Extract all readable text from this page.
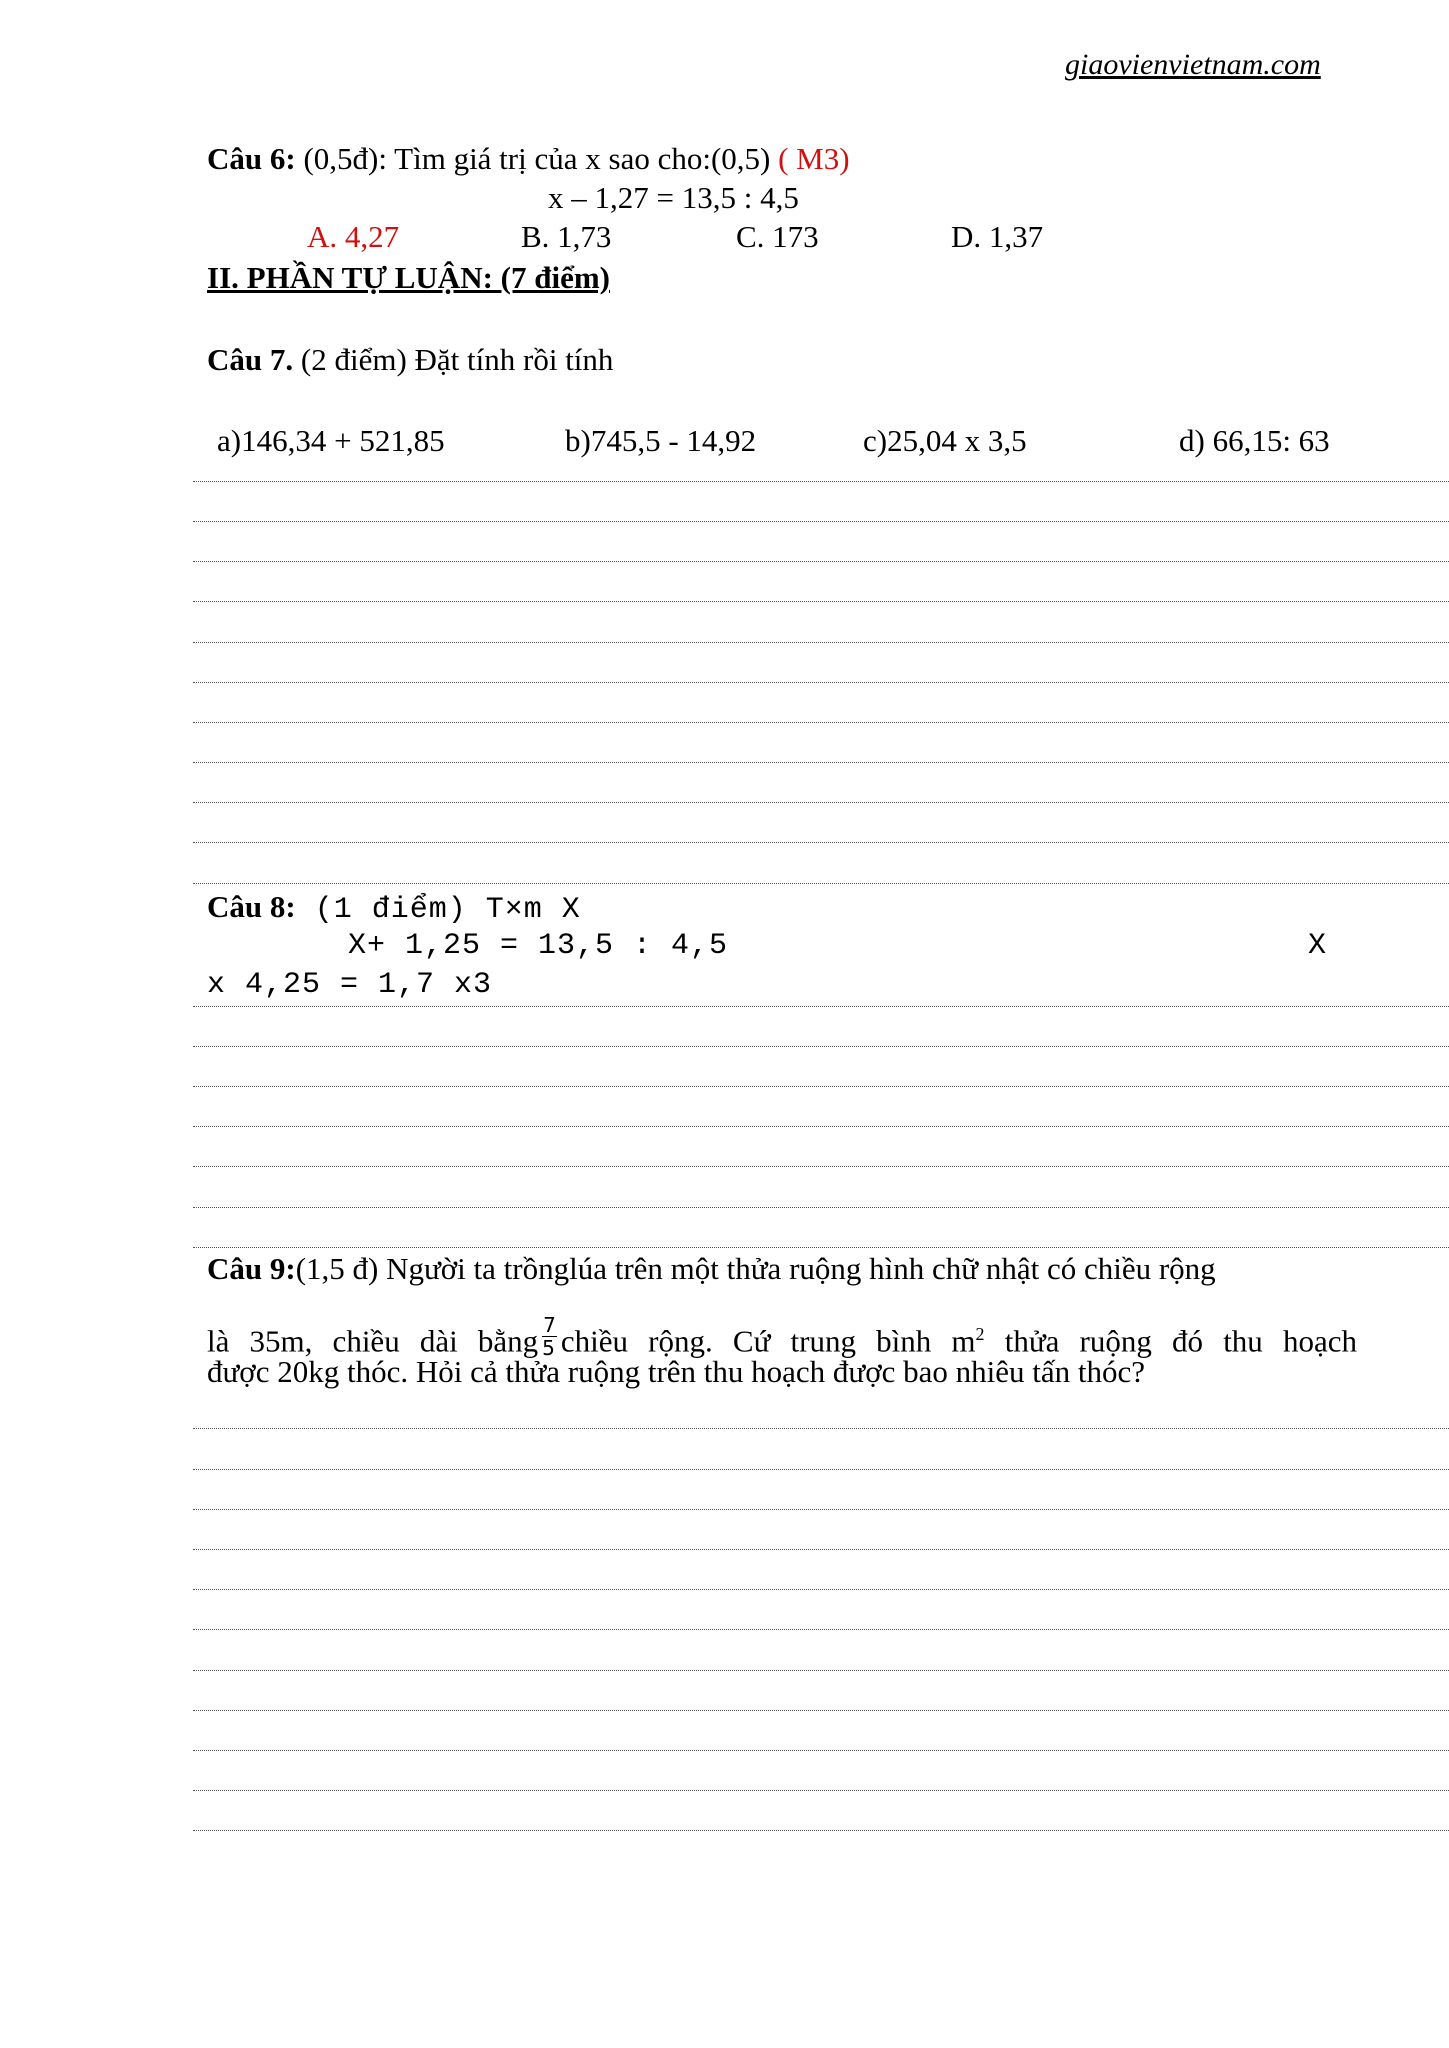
giaovienvietnam.com
Câu 6: (0,5đ): Tìm giá trị của x sao cho:(0,5) ( M3)
x – 1,27 = 13,5 : 4,5
A. 4,27	B. 1,73	C. 173	D. 1,37
II. PHẦN TỰ LUẬN: (7 điểm)
Câu 7. (2 điểm) Đặt tính rồi tính
a)146,34 + 521,85	b)745,5 - 14,92	c)25,04 x 3,5	d) 66,15: 63
Câu 8: (1 điểm) T×m X
X+ 1,25 = 13,5 : 4,5	X
x 4,25 = 1,7 x3
Câu 9:(1,5 đ) Người ta trồnglúa trên một thửa ruộng hình chữ nhật có chiều rộng
là 35m, chiều dài bằng $\frac{7}{5}$ chiều rộng. Cứ trung bình $m^2$ thửa ruộng đó thu hoạch
được 20kg thóc. Hỏi cả thửa ruộng trên thu hoạch được bao nhiêu tấn thóc?
